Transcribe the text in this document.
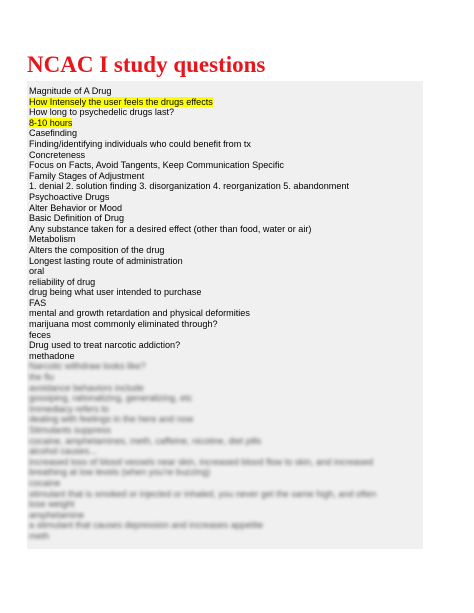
NCAC I study questions
Magnitude of A Drug
How Intensely the user feels the drugs effects
How long to psychedelic drugs last?
8-10 hours
Casefinding
Finding/identifying individuals who could benefit from tx
Concreteness
Focus on Facts, Avoid Tangents, Keep Communication Specific
Family Stages of Adjustment
1. denial 2. solution finding 3. disorganization 4. reorganization 5. abandonment
Psychoactive Drugs
Alter Behavior or Mood
Basic Definition of Drug
Any substance taken for a desired effect (other than food, water or air)
Metabolism
Alters the composition of the drug
Longest lasting route of administration
oral
reliability of drug
drug being what user intended to purchase
FAS
mental and growth retardation and physical deformities
marijuana most commonly eliminated through?
feces
Drug used to treat narcotic addiction?
methadone
Narcotic withdraw looks like?
the flu
avoidance behaviors include
gossiping, rationalizing, generalizing, etc
Immediacy refers to
dealing with feelings in the here and now
Stimulants suppress
cocaine, amphetamines, meth, caffeine, nicotine, diet pills
alcohol causes...
increased loss of blood vessels near skin, increased blood flow to skin, and increased
breathing at low levels (when you're buzzing)
cocaine
stimulant that is smoked or injected or inhaled, you never get the same high, and often
lose weight
amphetamine
a stimulant that causes depression and increases appetite
meth
